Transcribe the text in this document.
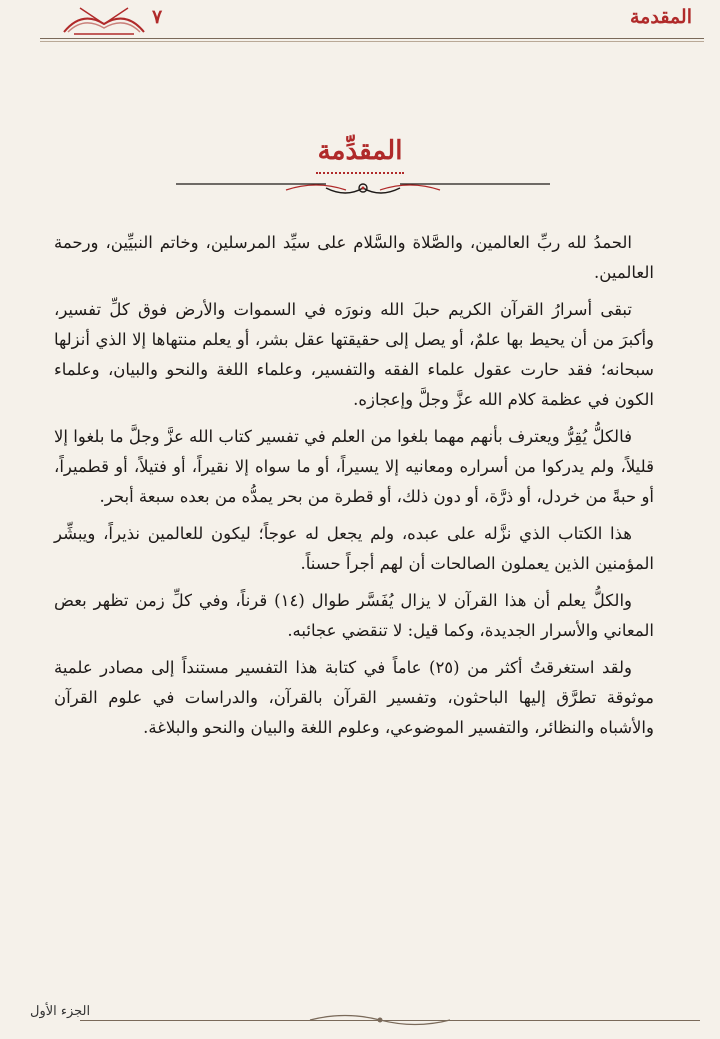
٧	المقدمة
المقدِّمة

الحمدُ لله ربِّ العالمين، والصَّلاة والسَّلام على سيِّد المرسلين، وخاتم النبيِّين، ورحمة العالمين.

تبقى أسرارُ القرآن الكريم حبلَ الله ونورَه في السموات والأرض فوق كلِّ تفسير، وأكبرَ من أن يحيط بها علمٌ، أو يصل إلى حقيقتها عقل بشر، أو يعلم منتهاها إلا الذي أنزلها سبحانه؛ فقد حارت عقول علماء الفقه والتفسير، وعلماء اللغة والنحو والبيان، وعلماء الكون في عظمة كلام الله عزَّ وجلَّ وإعجازه.

فالكلُّ يُقِرُّ ويعترف بأنهم مهما بلغوا من العلم في تفسير كتاب الله عزَّ وجلَّ ما بلغوا إلا قليلاً، ولم يدركوا من أسراره ومعانيه إلا يسيراً، أو ما سواه إلا نقيراً، أو فتيلاً، أو قطميراً، أو حبةً من خردل، أو ذرَّة، أو دون ذلك، أو قطرة من بحر يمدُّه من بعده سبعة أبحر.

هذا الكتاب الذي نزَّله على عبده، ولم يجعل له عوجاً؛ ليكون للعالمين نذيراً، ويبشِّر المؤمنين الذين يعملون الصالحات أن لهم أجراً حسناً.

والكلُّ يعلم أن هذا القرآن لا يزال يُفَسَّر طوال (١٤) قرناً، وفي كلِّ زمن تظهر بعض المعاني والأسرار الجديدة، وكما قيل: لا تنقضي عجائبه.

ولقد استغرقتُ أكثر من (٢٥) عاماً في كتابة هذا التفسير مستنداً إلى مصادر علمية موثوقة تطرَّق إليها الباحثون، وتفسير القرآن بالقرآن، والدراسات في علوم القرآن والأشباه والنظائر، والتفسير الموضوعي، وعلوم اللغة والبيان والنحو والبلاغة.

الجزء الأول
